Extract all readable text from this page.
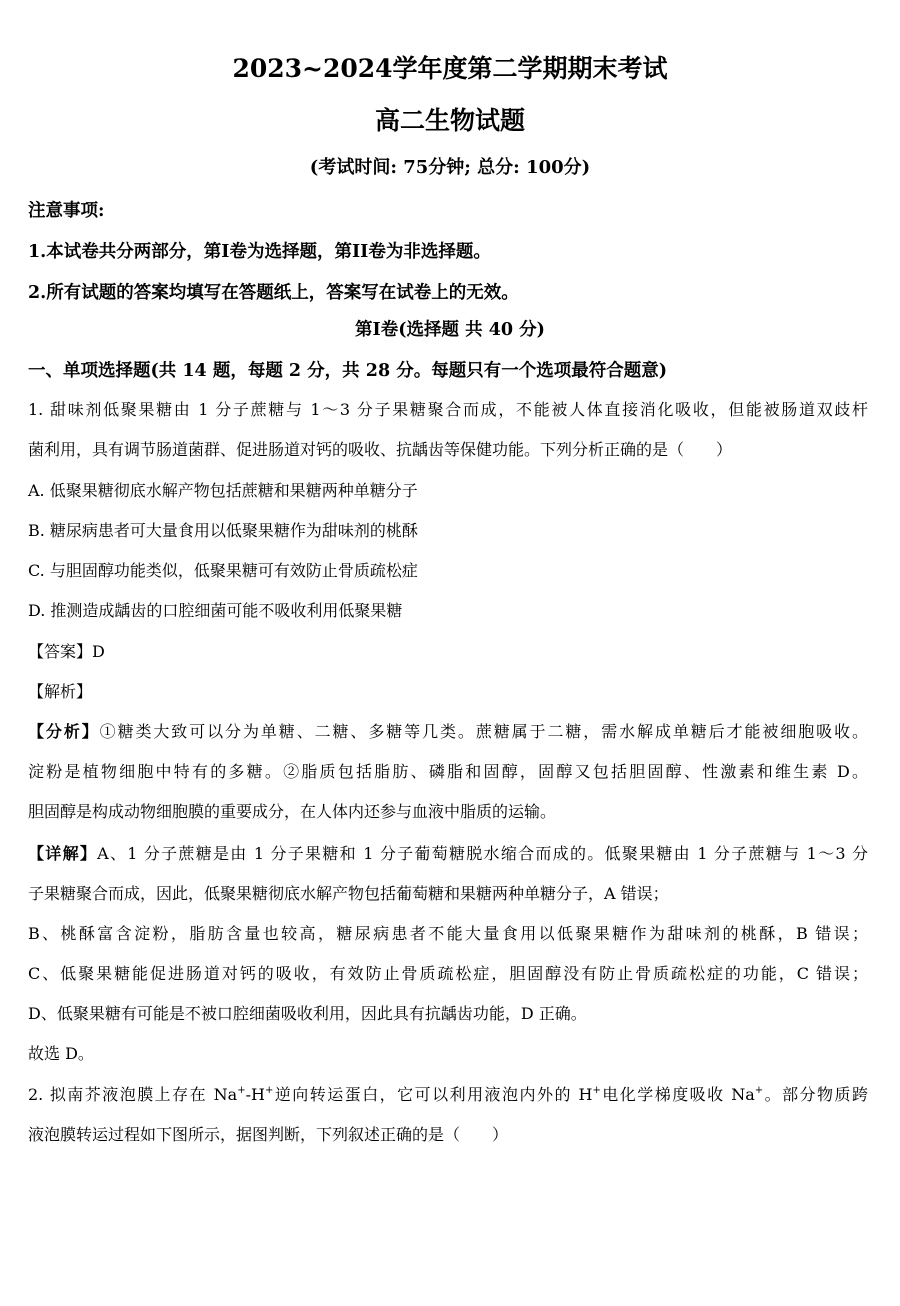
2023~2024学年度第二学期期末考试
高二生物试题
(考试时间: 75分钟; 总分: 100分)
注意事项:
1.本试卷共分两部分，第I卷为选择题，第II卷为非选择题。
2.所有试题的答案均填写在答题纸上，答案写在试卷上的无效。
第I卷(选择题 共 40 分)
一、单项选择题(共 14 题，每题 2 分，共 28 分。每题只有一个选项最符合题意)
1. 甜味剂低聚果糖由 1 分子蔗糖与 1～3 分子果糖聚合而成，不能被人体直接消化吸收，但能被肠道双歧杆
菌利用，具有调节肠道菌群、促进肠道对钙的吸收、抗龋齿等保健功能。下列分析正确的是（　　）
A. 低聚果糖彻底水解产物包括蔗糖和果糖两种单糖分子
B. 糖尿病患者可大量食用以低聚果糖作为甜味剂的桃酥
C. 与胆固醇功能类似，低聚果糖可有效防止骨质疏松症
D. 推测造成龋齿的口腔细菌可能不吸收利用低聚果糖
【答案】D
【解析】
【分析】①糖类大致可以分为单糖、二糖、多糖等几类。蔗糖属于二糖，需水解成单糖后才能被细胞吸收。
淀粉是植物细胞中特有的多糖。②脂质包括脂肪、磷脂和固醇，固醇又包括胆固醇、性激素和维生素 D。
胆固醇是构成动物细胞膜的重要成分，在人体内还参与血液中脂质的运输。
【详解】A、1 分子蔗糖是由 1 分子果糖和 1 分子葡萄糖脱水缩合而成的。低聚果糖由 1 分子蔗糖与 1～3 分
子果糖聚合而成，因此，低聚果糖彻底水解产物包括葡萄糖和果糖两种单糖分子，A 错误；
B、桃酥富含淀粉，脂肪含量也较高，糖尿病患者不能大量食用以低聚果糖作为甜味剂的桃酥，B 错误；
C、低聚果糖能促进肠道对钙的吸收，有效防止骨质疏松症，胆固醇没有防止骨质疏松症的功能，C 错误；
D、低聚果糖有可能是不被口腔细菌吸收利用，因此具有抗龋齿功能，D 正确。
故选 D。
2. 拟南芥液泡膜上存在 Na+-H+逆向转运蛋白，它可以利用液泡内外的 H+电化学梯度吸收 Na+。部分物质跨
液泡膜转运过程如下图所示，据图判断，下列叙述正确的是（　　）
